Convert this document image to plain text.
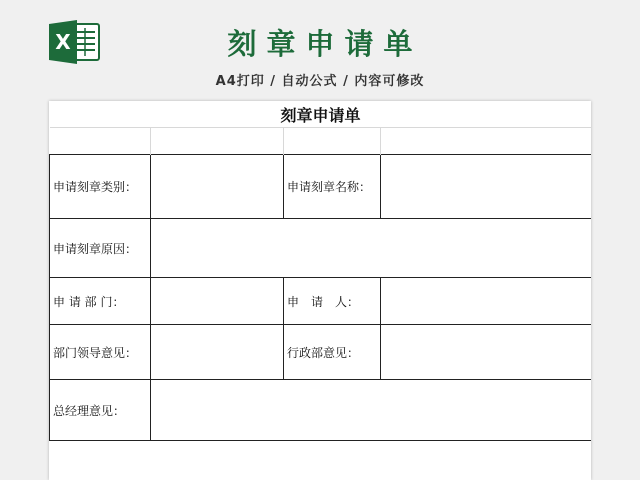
X	刻章申请单
A4打印 / 自动公式 / 内容可修改
刻章申请单			

申请刻章类别：		申请刻章名称：	
申请刻章原因：			
申 请 部 门：		申　请　人：	
部门领导意见：		行政部意见：	
总经理意见：			
